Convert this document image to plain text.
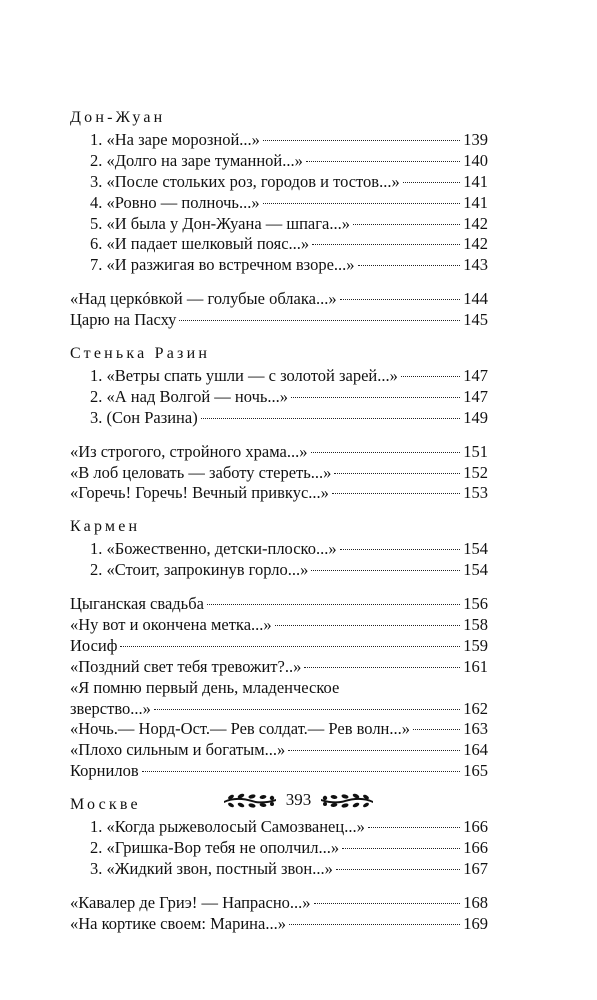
Дон-Жуан
1. «На заре морозной...»	139
2. «Долго на заре туманной...»	140
3. «После стольких роз, городов и тостов...»	141
4. «Ровно — полночь...»	141
5. «И была у Дон-Жуана — шпага...»	142
6. «И падает шелковый пояс...»	142
7. «И разжигая во встречном взоре...»	143
«Над церкóвкой — голубые облака...»	144
Царю на Пасху	145
Стенька Разин
1. «Ветры спать ушли — с золотой зарей...»	147
2. «А над Волгой — ночь...»	147
3. (Сон Разина)	149
«Из строгого, стройного храма...»	151
«В лоб целовать — заботу стереть...»	152
«Горечь! Горечь! Вечный привкус...»	153
Кармен
1. «Божественно, детски-плоско...»	154
2. «Стоит, запрокинув горло...»	154
Цыганская свадьба	156
«Ну вот и окончена метка...»	158
Иосиф	159
«Поздний свет тебя тревожит?..»	161
«Я помню первый день, младенческое
зверство...»	162
«Ночь.— Норд-Ост.— Рев солдат.— Рев волн...»	163
«Плохо сильным и богатым...»	164
Корнилов	165
Москве
1. «Когда рыжеволосый Самозванец...»	166
2. «Гришка-Вор тебя не ополчил...»	166
3. «Жидкий звон, постный звон...»	167
«Кавалер де Гриэ! — Напрасно...»	168
«На кортике своем: Марина...»	169
393
